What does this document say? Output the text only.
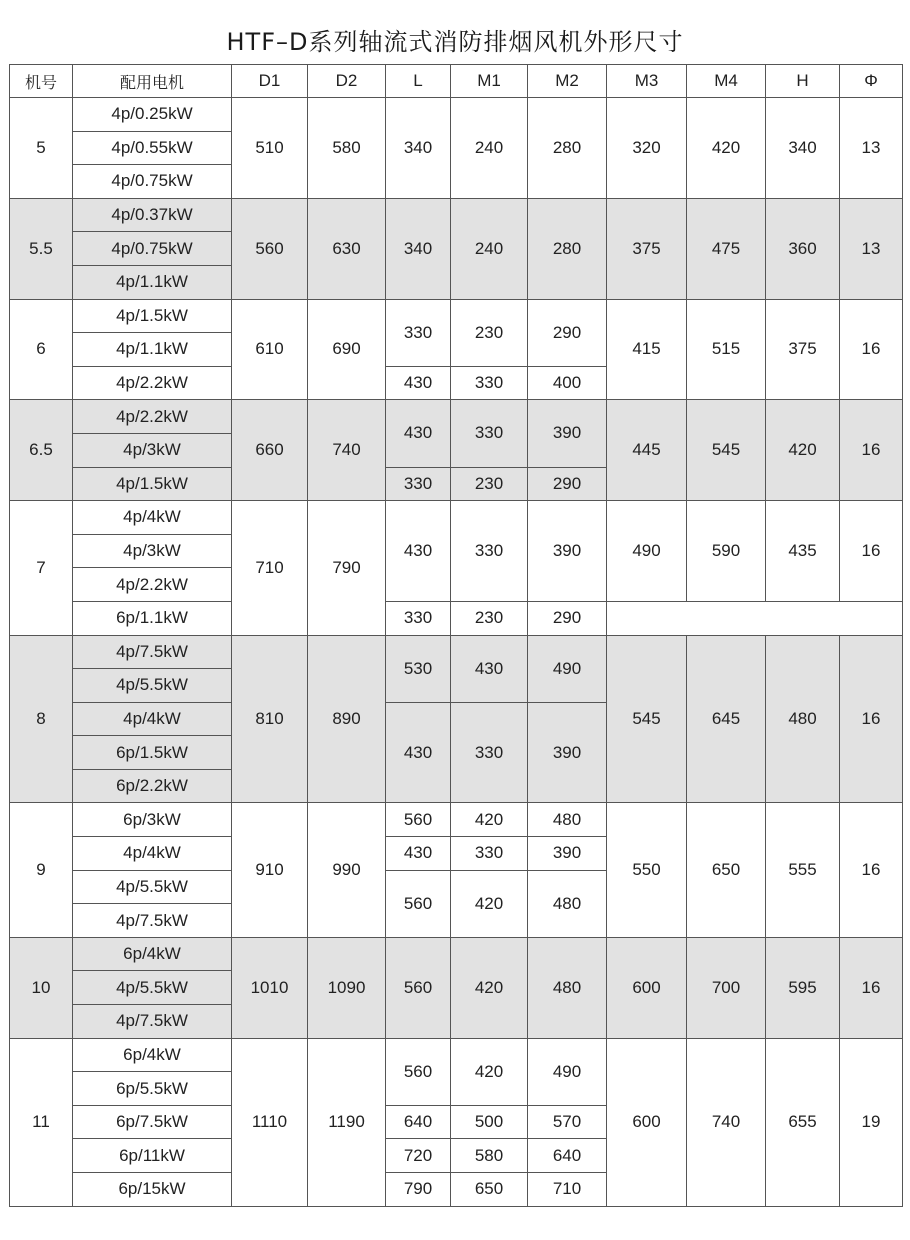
HTF–D系列轴流式消防排烟风机外形尺寸
机号	配用电机	D1	D2	L	M1	M2	M3	M4	H	Φ
5	4p/0.25kW	510	580	340	240	280	320	420	340	13
	4p/0.55kW									
	4p/0.75kW									
5.5	4p/0.37kW	560	630	340	240	280	375	475	360	13
	4p/0.75kW									
	4p/1.1kW									
6	4p/1.5kW	610	690	330	230	290	415	515	375	16
	4p/1.1kW									
	4p/2.2kW			430	330	400				
6.5	4p/2.2kW	660	740	430	330	390	445	545	420	16
	4p/3kW									
	4p/1.5kW			330	230	290				
7	4p/4kW	710	790	430	330	390	490	590	435	16
	4p/3kW									
	4p/2.2kW									
	6p/1.1kW			330	230	290				
8	4p/7.5kW	810	890	530	430	490	545	645	480	16
	4p/5.5kW									
	4p/4kW			430	330	390				
	6p/1.5kW									
	6p/2.2kW									
9	6p/3kW	910	990	560	420	480	550	650	555	16
	4p/4kW			430	330	390				
	4p/5.5kW			560	420	480				
	4p/7.5kW									
10	6p/4kW	1010	1090	560	420	480	600	700	595	16
	4p/5.5kW									
	4p/7.5kW									
11	6p/4kW	1110	1190	560	420	490	600	740	655	19
	6p/5.5kW									
	6p/7.5kW			640	500	570				
	6p/11kW			720	580	640				
	6p/15kW			790	650	710				
